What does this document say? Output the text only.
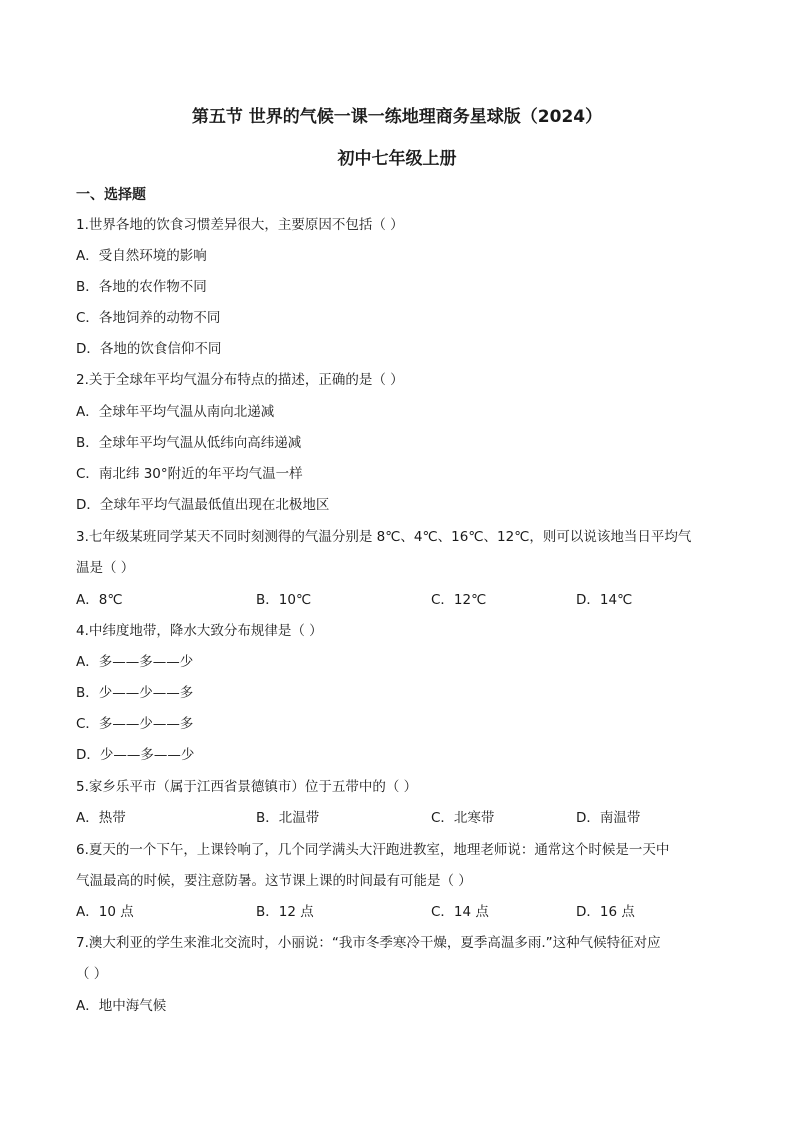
第五节 世界的气候一课一练地理商务星球版（2024）
初中七年级上册
一、选择题
1.世界各地的饮食习惯差异很大，主要原因不包括（ ）
A．受自然环境的影响
B．各地的农作物不同
C．各地饲养的动物不同
D．各地的饮食信仰不同
2.关于全球年平均气温分布特点的描述，正确的是（ ）
A．全球年平均气温从南向北递减
B．全球年平均气温从低纬向高纬递减
C．南北纬 30°附近的年平均气温一样
D．全球年平均气温最低值出现在北极地区
3.七年级某班同学某天不同时刻测得的气温分别是 8℃、4℃、16℃、12℃，则可以说该地当日平均气
温是（ ）
A．8℃	B．10℃	C．12℃	D．14℃
4.中纬度地带，降水大致分布规律是（ ）
A．多——多——少
B．少——少——多
C．多——少——多
D．少——多——少
5.家乡乐平市（属于江西省景德镇市）位于五带中的（ ）
A．热带	B．北温带	C．北寒带	D．南温带
6.夏天的一个下午，上课铃响了，几个同学满头大汗跑进教室，地理老师说：通常这个时候是一天中
气温最高的时候，要注意防暑。这节课上课的时间最有可能是（ ）
A．10 点	B．12 点	C．14 点	D．16 点
7.澳大利亚的学生来淮北交流时，小丽说：“我市冬季寒冷干燥，夏季高温多雨.”这种气候特征对应
（ ）
A．地中海气候
